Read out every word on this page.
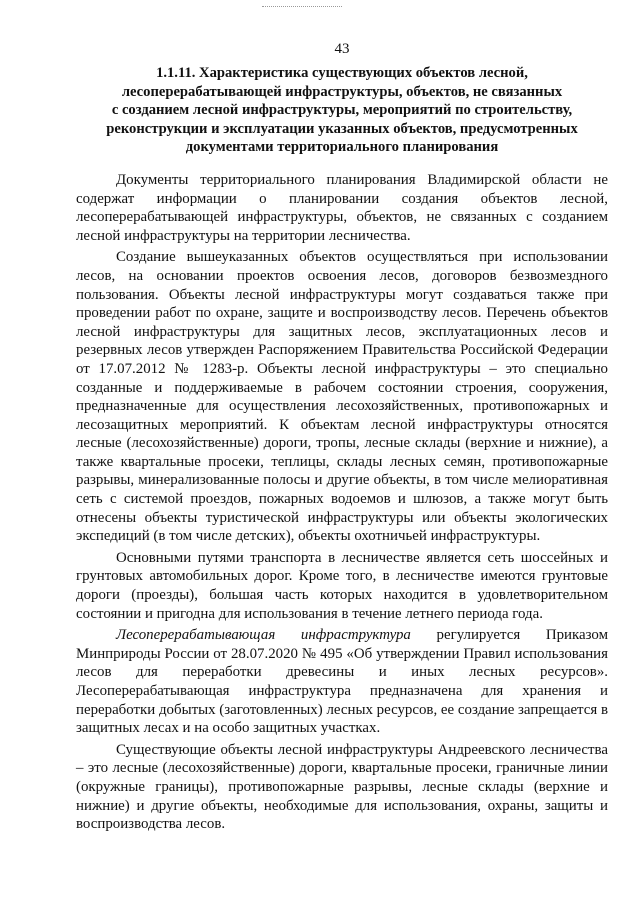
43
1.1.11. Характеристика существующих объектов лесной,
лесоперерабатывающей инфраструктуры, объектов, не связанных
с созданием лесной инфраструктуры, мероприятий по строительству,
реконструкции и эксплуатации указанных объектов, предусмотренных
документами территориального планирования

Документы территориального планирования Владимирской области не содержат информации о планировании создания объектов лесной, лесоперерабатывающей инфраструктуры, объектов, не связанных с созданием лесной инфраструктуры на территории лесничества.

Создание вышеуказанных объектов осуществляться при использовании лесов, на основании проектов освоения лесов, договоров безвозмездного пользования. Объекты лесной инфраструктуры могут создаваться также при проведении работ по охране, защите и воспроизводству лесов. Перечень объектов лесной инфраструктуры для защитных лесов, эксплуатационных лесов и резервных лесов утвержден Распоряжением Правительства Российской Федерации от 17.07.2012 № 1283-р. Объекты лесной инфраструктуры – это специально созданные и поддерживаемые в рабочем состоянии строения, сооружения, предназначенные для осуществления лесохозяйственных, противопожарных и лесозащитных мероприятий. К объектам лесной инфраструктуры относятся лесные (лесохозяйственные) дороги, тропы, лесные склады (верхние и нижние), а также квартальные просеки, теплицы, склады лесных семян, противопожарные разрывы, минерализованные полосы и другие объекты, в том числе мелиоративная сеть с системой проездов, пожарных водоемов и шлюзов, а также могут быть отнесены объекты туристической инфраструктуры или объекты экологических экспедиций (в том числе детских), объекты охотничьей инфраструктуры.

Основными путями транспорта в лесничестве является сеть шоссейных и грунтовых автомобильных дорог. Кроме того, в лесничестве имеются грунтовые дороги (проезды), большая часть которых находится в удовлетворительном состоянии и пригодна для использования в течение летнего периода года.

Лесоперерабатывающая инфраструктура регулируется Приказом Минприроды России от 28.07.2020 № 495 «Об утверждении Правил использования лесов для переработки древесины и иных лесных ресурсов». Лесоперерабатывающая инфраструктура предназначена для хранения и переработки добытых (заготовленных) лесных ресурсов, ее создание запрещается в защитных лесах и на особо защитных участках.

Существующие объекты лесной инфраструктуры Андреевского лесничества – это лесные (лесохозяйственные) дороги, квартальные просеки, граничные линии (окружные границы), противопожарные разрывы, лесные склады (верхние и нижние) и другие объекты, необходимые для использования, охраны, защиты и воспроизводства лесов.
